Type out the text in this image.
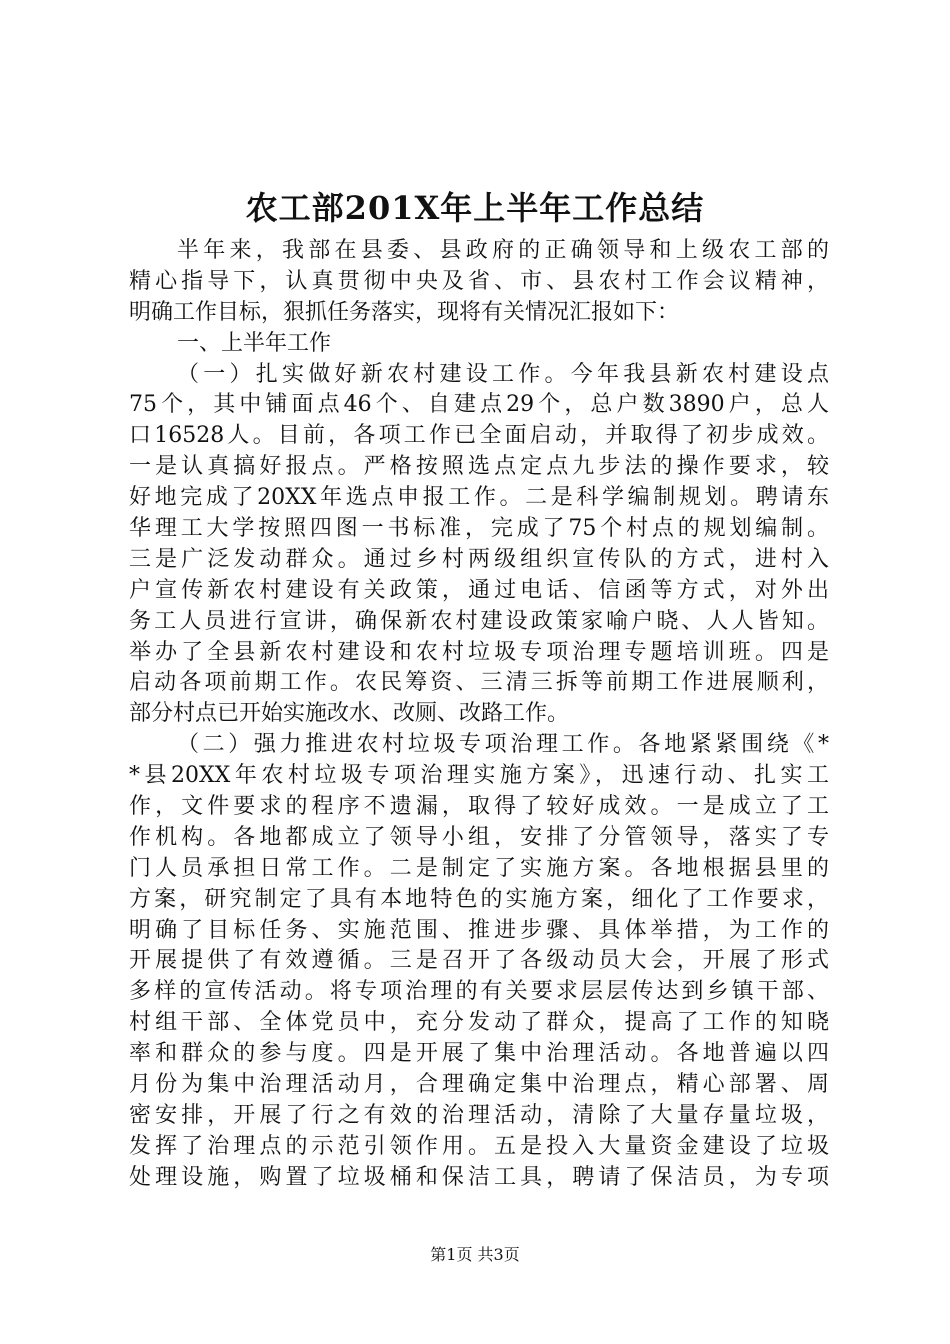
农工部201X年上半年工作总结
半年来，我部在县委、县政府的正确领导和上级农工部的
精心指导下，认真贯彻中央及省、市、县农村工作会议精神，
明确工作目标，狠抓任务落实，现将有关情况汇报如下：
一、上半年工作
（一）扎实做好新农村建设工作。今年我县新农村建设点
75个，其中铺面点46个、自建点29个，总户数3890户，总人
口16528人。目前，各项工作已全面启动，并取得了初步成效。
一是认真搞好报点。严格按照选点定点九步法的操作要求，较
好地完成了20XX年选点申报工作。二是科学编制规划。聘请东
华理工大学按照四图一书标准，完成了75个村点的规划编制。
三是广泛发动群众。通过乡村两级组织宣传队的方式，进村入
户宣传新农村建设有关政策，通过电话、信函等方式，对外出
务工人员进行宣讲，确保新农村建设政策家喻户晓、人人皆知。
举办了全县新农村建设和农村垃圾专项治理专题培训班。四是
启动各项前期工作。农民筹资、三清三拆等前期工作进展顺利，
部分村点已开始实施改水、改厕、改路工作。
（二）强力推进农村垃圾专项治理工作。各地紧紧围绕《*
*县20XX年农村垃圾专项治理实施方案》，迅速行动、扎实工
作，文件要求的程序不遗漏，取得了较好成效。一是成立了工
作机构。各地都成立了领导小组，安排了分管领导，落实了专
门人员承担日常工作。二是制定了实施方案。各地根据县里的
方案，研究制定了具有本地特色的实施方案，细化了工作要求，
明确了目标任务、实施范围、推进步骤、具体举措，为工作的
开展提供了有效遵循。三是召开了各级动员大会，开展了形式
多样的宣传活动。将专项治理的有关要求层层传达到乡镇干部、
村组干部、全体党员中，充分发动了群众，提高了工作的知晓
率和群众的参与度。四是开展了集中治理活动。各地普遍以四
月份为集中治理活动月，合理确定集中治理点，精心部署、周
密安排，开展了行之有效的治理活动，清除了大量存量垃圾，
发挥了治理点的示范引领作用。五是投入大量资金建设了垃圾
处理设施，购置了垃圾桶和保洁工具，聘请了保洁员，为专项
第1页 共3页
